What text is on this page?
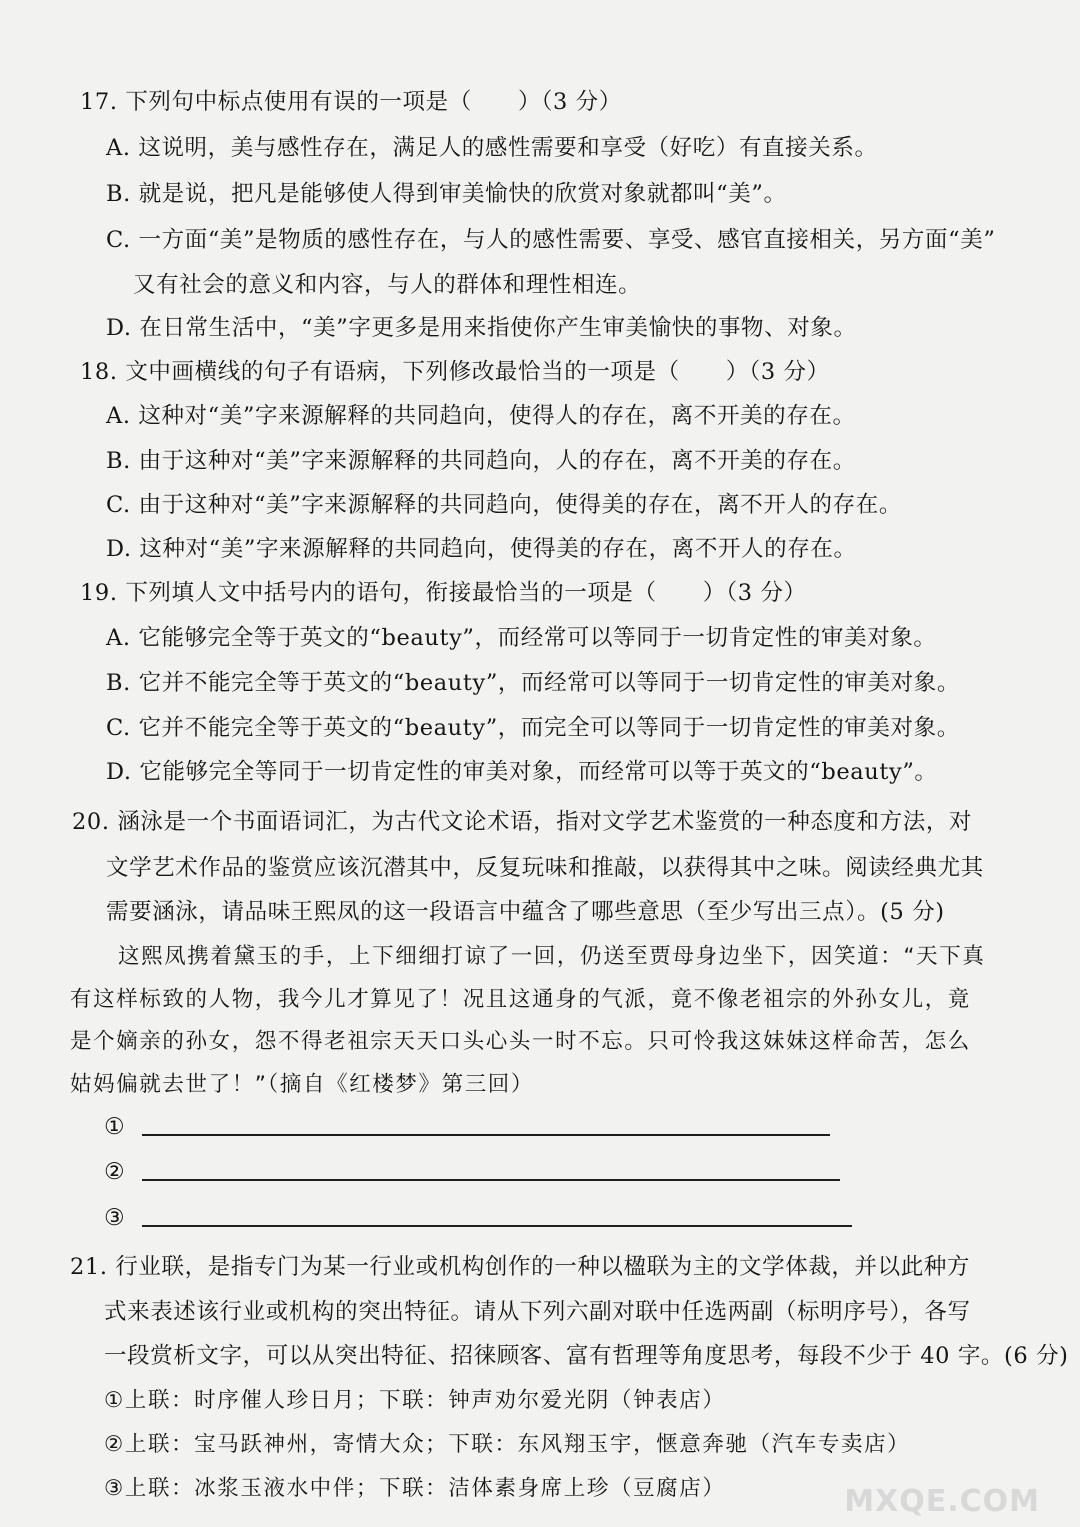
17. 下列句中标点使用有误的一项是（　　）（3 分）
A. 这说明，美与感性存在，满足人的感性需要和享受（好吃）有直接关系。
B. 就是说，把凡是能够使人得到审美愉快的欣赏对象就都叫“美”。
C. 一方面“美”是物质的感性存在，与人的感性需要、享受、感官直接相关，另方面“美”
又有社会的意义和内容，与人的群体和理性相连。
D. 在日常生活中，“美”字更多是用来指使你产生审美愉快的事物、对象。
18. 文中画横线的句子有语病，下列修改最恰当的一项是（　　）（3 分）
A. 这种对“美”字来源解释的共同趋向，使得人的存在，离不开美的存在。
B. 由于这种对“美”字来源解释的共同趋向，人的存在，离不开美的存在。
C. 由于这种对“美”字来源解释的共同趋向，使得美的存在，离不开人的存在。
D. 这种对“美”字来源解释的共同趋向，使得美的存在，离不开人的存在。
19. 下列填人文中括号内的语句，衔接最恰当的一项是（　　）（3 分）
A. 它能够完全等于英文的“beauty”，而经常可以等同于一切肯定性的审美对象。
B. 它并不能完全等于英文的“beauty”，而经常可以等同于一切肯定性的审美对象。
C. 它并不能完全等于英文的“beauty”，而完全可以等同于一切肯定性的审美对象。
D. 它能够完全等同于一切肯定性的审美对象，而经常可以等于英文的“beauty”。
20. 涵泳是一个书面语词汇，为古代文论术语，指对文学艺术鉴赏的一种态度和方法，对
文学艺术作品的鉴赏应该沉潜其中，反复玩味和推敲，以获得其中之味。阅读经典尤其
需要涵泳，请品味王熙凤的这一段语言中蕴含了哪些意思（至少写出三点）。(5 分)
这熙凤携着黛玉的手，上下细细打谅了一回，仍送至贾母身边坐下，因笑道：“天下真
有这样标致的人物，我今儿才算见了！况且这通身的气派，竟不像老祖宗的外孙女儿，竟
是个嫡亲的孙女，怨不得老祖宗天天口头心头一时不忘。只可怜我这妹妹这样命苦，怎么
姑妈偏就去世了！”（摘自《红楼梦》第三回）
①
②
③
21. 行业联，是指专门为某一行业或机构创作的一种以楹联为主的文学体裁，并以此种方
式来表述该行业或机构的突出特征。请从下列六副对联中任选两副（标明序号），各写
一段赏析文字，可以从突出特征、招徕顾客、富有哲理等角度思考，每段不少于 40 字。(6 分)
①上联：时序催人珍日月；下联：钟声劝尔爱光阴（钟表店）
②上联：宝马跃神州，寄情大众；下联：东风翔玉宇，惬意奔驰（汽车专卖店）
③上联：冰浆玉液水中伴；下联：洁体素身席上珍（豆腐店）	MXQE.COM
